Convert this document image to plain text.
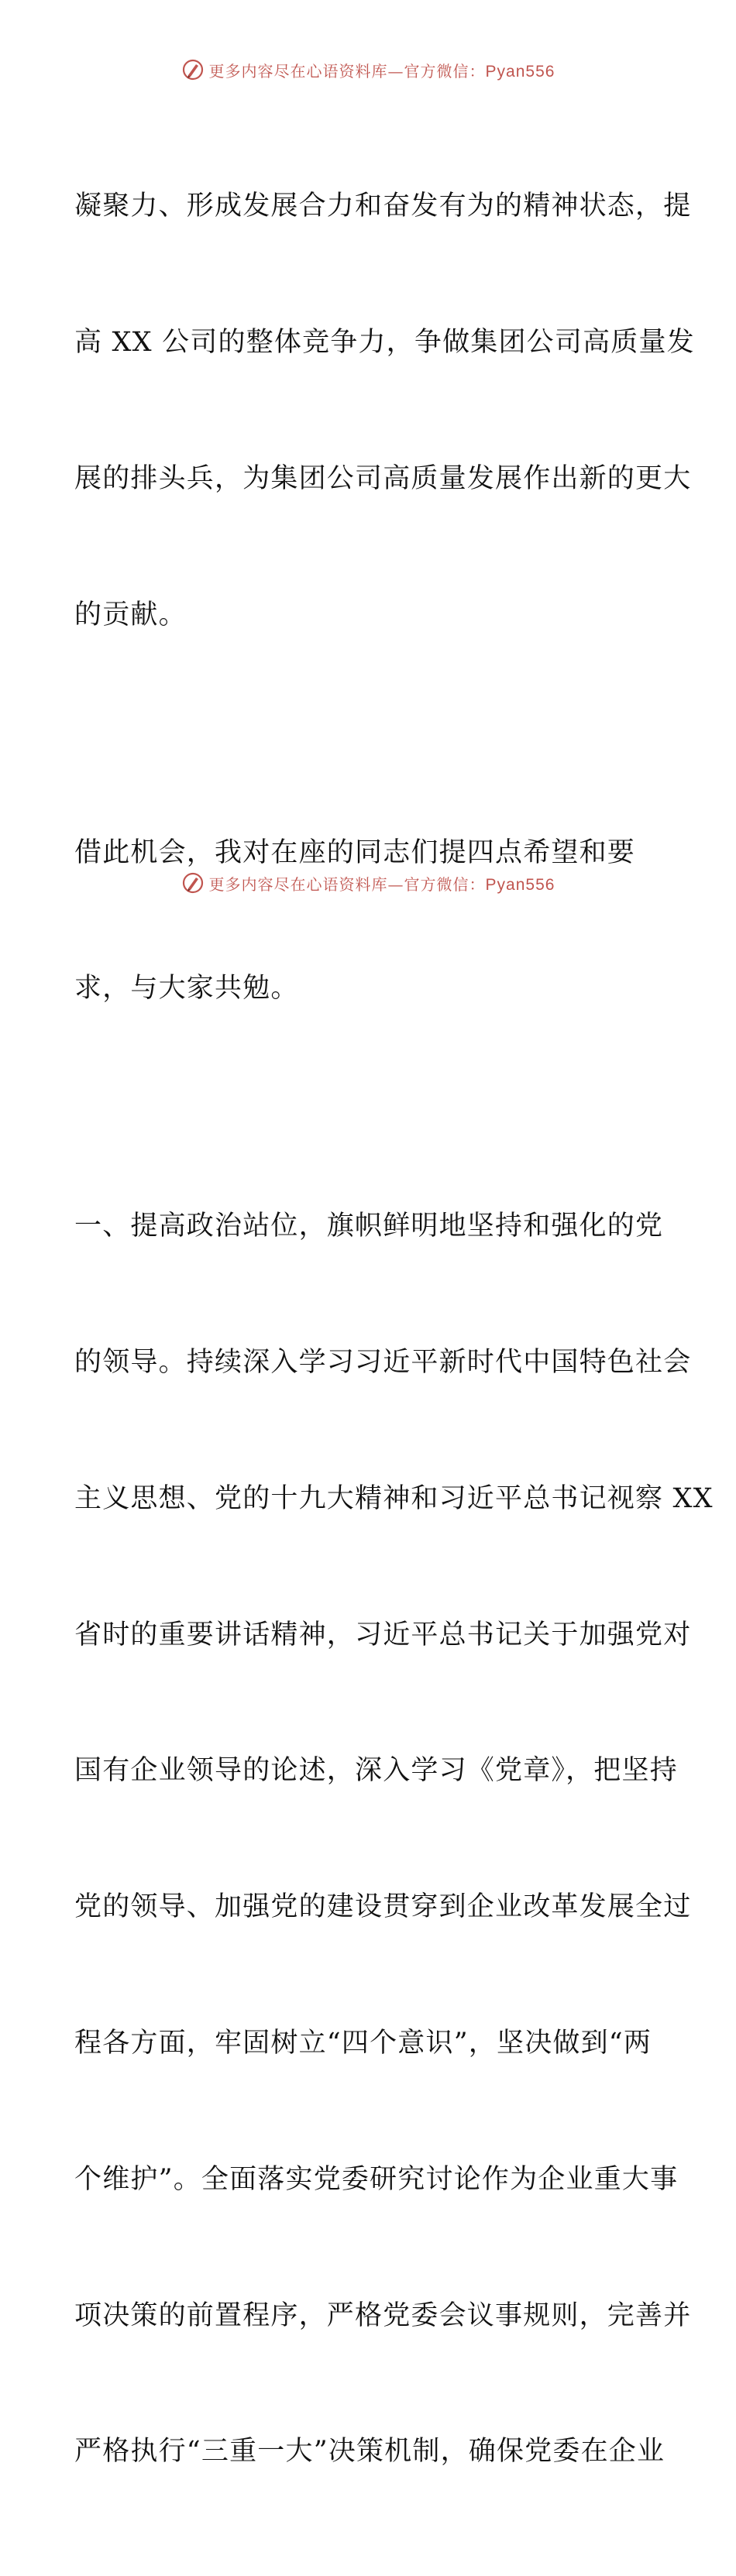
更多内容尽在心语资料库—官方微信：Pyan556

凝聚力、形成发展合力和奋发有为的精神状态，提

高 XX 公司的整体竞争力，争做集团公司高质量发

展的排头兵，为集团公司高质量发展作出新的更大

的贡献。

借此机会，我对在座的同志们提四点希望和要

求，与大家共勉。

一、提高政治站位，旗帜鲜明地坚持和强化的党

的领导。持续深入学习习近平新时代中国特色社会

主义思想、党的十九大精神和习近平总书记视察 XX

省时的重要讲话精神，习近平总书记关于加强党对

国有企业领导的论述，深入学习《党章》，把坚持

党的领导、加强党的建设贯穿到企业改革发展全过

程各方面，牢固树立“四个意识”，坚决做到“两

个维护”。全面落实党委研究讨论作为企业重大事

项决策的前置程序，严格党委会议事规则，完善并

严格执行“三重一大”决策机制，确保党委在企业

更多内容尽在心语资料库—官方微信：Pyan556
